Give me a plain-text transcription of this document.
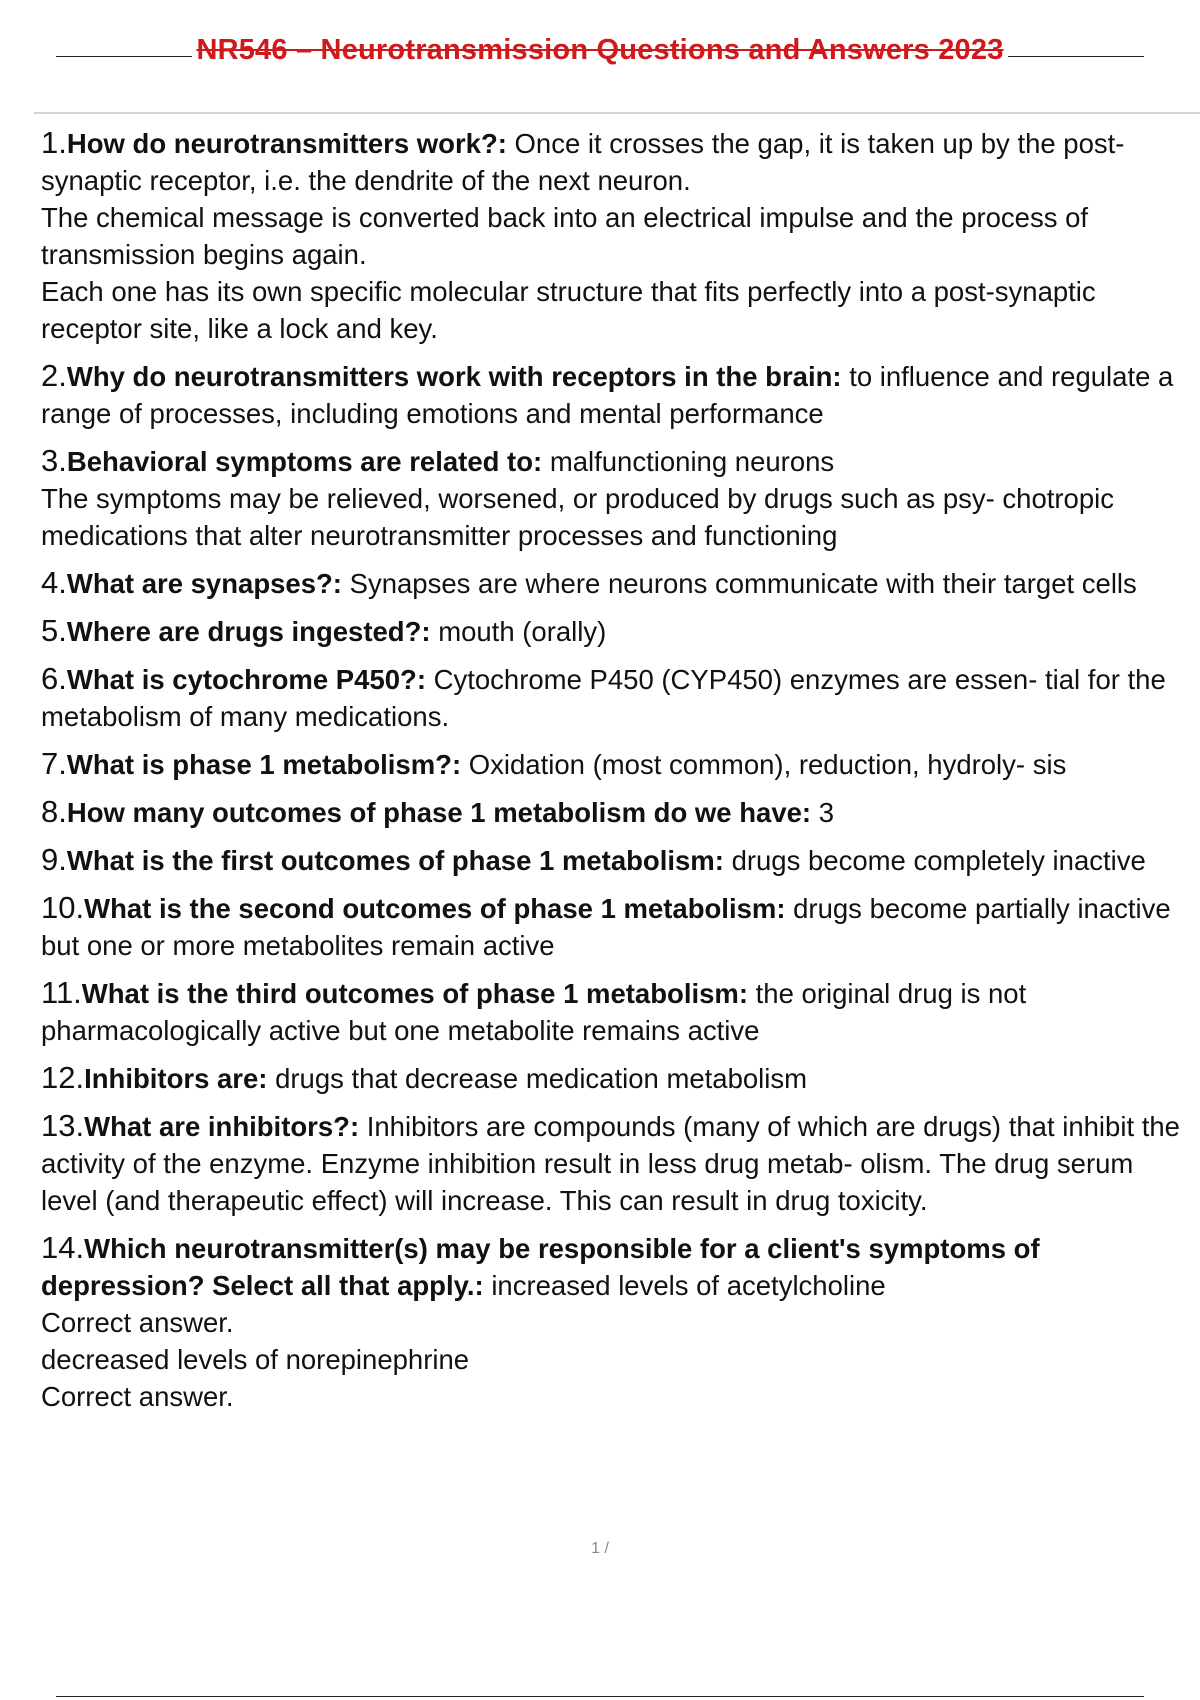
NR546 – Neurotransmission Questions and Answers 2023

1.How do neurotransmitters work?: Once it crosses the gap, it is taken up by the post-synaptic receptor, i.e. the dendrite of the next neuron.

The chemical message is converted back into an electrical impulse and the process of transmission begins again.

Each one has its own specific molecular structure that fits perfectly into a post-synaptic receptor site, like a lock and key.

2.Why do neurotransmitters work with receptors in the brain: to influence and regulate a range of processes, including emotions and mental performance

3.Behavioral symptoms are related to: malfunctioning neurons

The symptoms may be relieved, worsened, or produced by drugs such as psy- chotropic medications that alter neurotransmitter processes and functioning

4.What are synapses?: Synapses are where neurons communicate with their target cells

5.Where are drugs ingested?: mouth (orally)

6.What is cytochrome P450?: Cytochrome P450 (CYP450) enzymes are essen- tial for the metabolism of many medications.

7.What is phase 1 metabolism?: Oxidation (most common), reduction, hydroly- sis

8.How many outcomes of phase 1 metabolism do we have: 3

9.What is the first outcomes of phase 1 metabolism: drugs become completely inactive

10.What is the second outcomes of phase 1 metabolism: drugs become partially inactive but one or more metabolites remain active

11.What is the third outcomes of phase 1 metabolism: the original drug is not pharmacologically active but one metabolite remains active

12.Inhibitors are: drugs that decrease medication metabolism

13.What are inhibitors?: Inhibitors are compounds (many of which are drugs) that inhibit the activity of the enzyme. Enzyme inhibition result in less drug metab- olism. The drug serum level (and therapeutic effect) will increase. This can result in drug toxicity.

14.Which neurotransmitter(s) may be responsible for a client's symptoms of depression? Select all that apply.: increased levels of acetylcholine

Correct answer.

decreased levels of norepinephrine

Correct answer.

1 /
